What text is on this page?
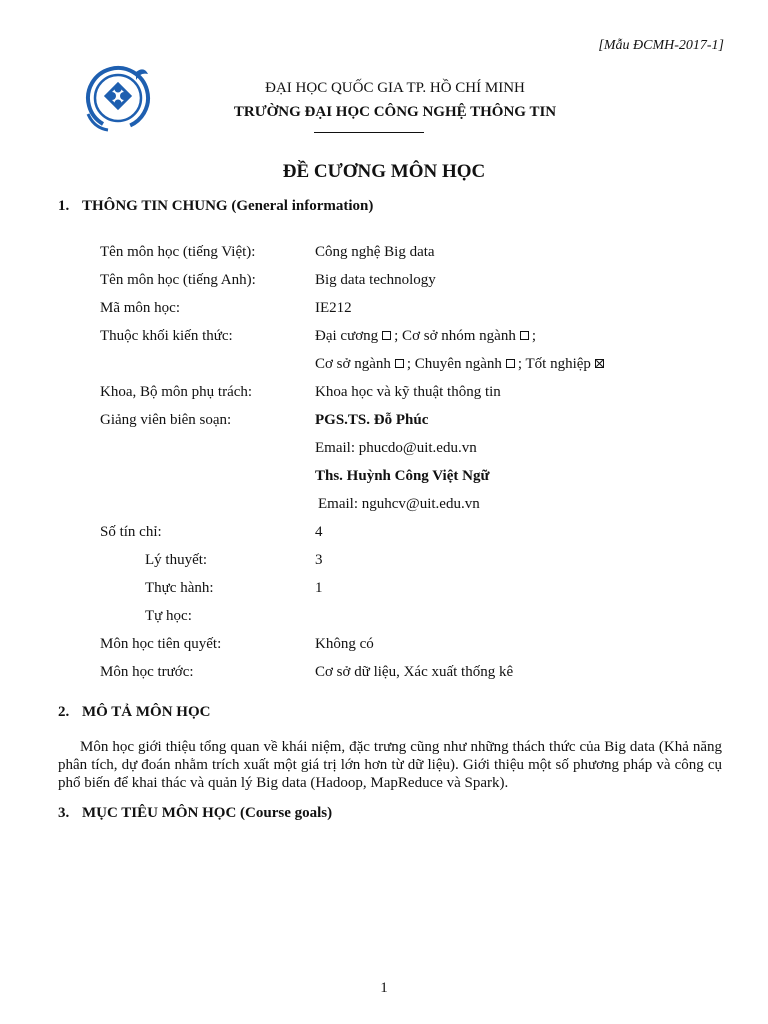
[Mẫu ĐCMH-2017-1]
ĐẠI HỌC QUỐC GIA TP. HỒ CHÍ MINH
TRƯỜNG ĐẠI HỌC CÔNG NGHỆ THÔNG TIN
ĐỀ CƯƠNG MÔN HỌC
1. THÔNG TIN CHUNG (General information)
Tên môn học (tiếng Việt):	Công nghệ Big data
Tên môn học (tiếng Anh):	Big data technology
Mã môn học:	IE212
Thuộc khối kiến thức:	Đại cương ; Cơ sở nhóm ngành ;
Cơ sở ngành ; Chuyên ngành ; Tốt nghiệp
Khoa, Bộ môn phụ trách:	Khoa học và kỹ thuật thông tin
Giảng viên biên soạn:	PGS.TS. Đỗ Phúc
Email: phucdo@uit.edu.vn
Ths. Huỳnh Công Việt Ngữ
Email: nguhcv@uit.edu.vn
Số tín chỉ:	4
Lý thuyết:	3
Thực hành:	1
Tự học:
Môn học tiên quyết:	Không có
Môn học trước:	Cơ sở dữ liệu, Xác xuất thống kê
2. MÔ TẢ MÔN HỌC
Môn học giới thiệu tổng quan về khái niệm, đặc trưng cũng như những thách thức của Big data (Khả năng phân tích, dự đoán nhằm trích xuất một giá trị lớn hơn từ dữ liệu). Giới thiệu một số phương pháp và công cụ phổ biến để khai thác và quản lý Big data (Hadoop, MapReduce và Spark).
3. MỤC TIÊU MÔN HỌC (Course goals)
1
